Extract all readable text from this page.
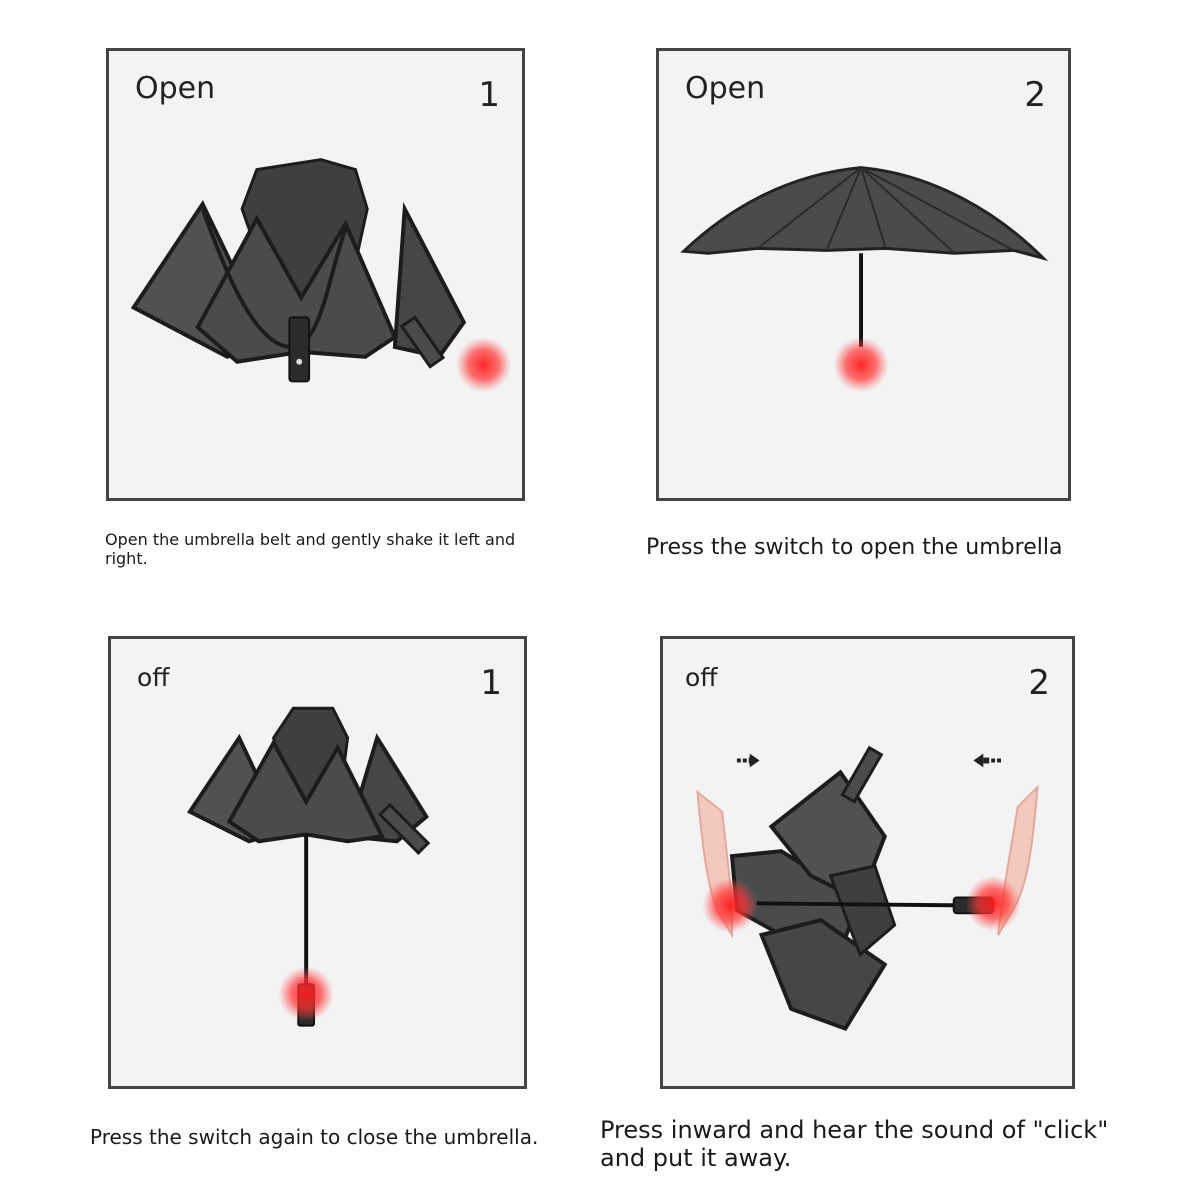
Open	1
Open the umbrella belt and gently shake it left and right.
Open	2
Press the switch to open the umbrella
off	1
Press the switch again to close the umbrella.
off	2
Press inward and hear the sound of "click" and put it away.
